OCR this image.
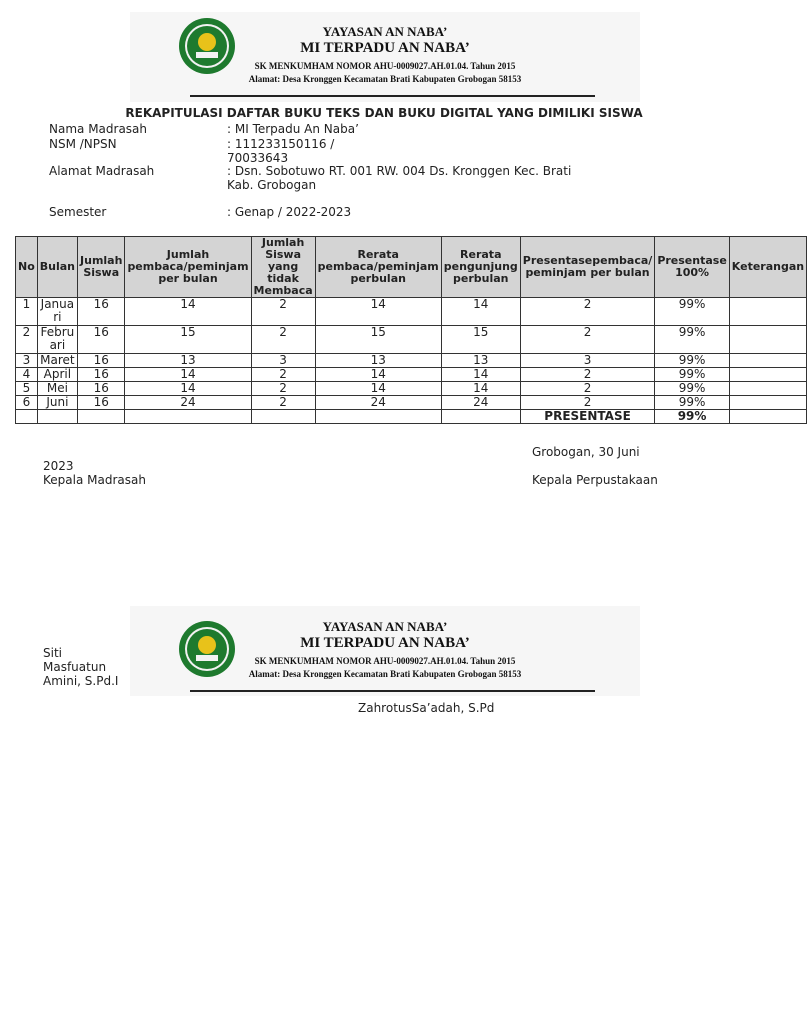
YAYASAN AN NABA’
MI TERPADU AN NABA’
SK MENKUMHAM NOMOR AHU-0009027.AH.01.04. Tahun 2015
Alamat: Desa Kronggen Kecamatan Brati Kabupaten Grobogan 58153
REKAPITULASI DAFTAR BUKU TEKS DAN BUKU DIGITAL YANG DIMILIKI SISWA
Nama Madrasah	: MI Terpadu An Naba’
NSM /NPSN	: 111233150116 /
70033643
Alamat Madrasah	: Dsn. Sobotuwo RT. 001 RW. 004 Ds. Kronggen Kec. Brati
Kab. Grobogan
Semester	: Genap / 2022-2023
No	Bulan	Jumlah Siswa	Jumlah pembaca/peminjam per bulan	Jumlah Siswa yang tidak Membaca	Rerata pembaca/peminjam perbulan	Rerata pengunjung perbulan	Presentasepembaca/ peminjam per bulan	Presentase 100%	Keterangan
1	Januari	16	14	2	14	14	2	99%	
2	Februari	16	15	2	15	15	2	99%	
3	Maret	16	13	3	13	13	3	99%	
4	April	16	14	2	14	14	2	99%	
5	Mei	16	14	2	14	14	2	99%	
6	Juni	16	24	2	24	24	2	99%	
							PRESENTASE	99%	
Grobogan, 30 Juni
2023
Kepala Madrasah	Kepala Perpustakaan
YAYASAN AN NABA’
MI TERPADU AN NABA’
SK MENKUMHAM NOMOR AHU-0009027.AH.01.04. Tahun 2015
Alamat: Desa Kronggen Kecamatan Brati Kabupaten Grobogan 58153
Siti
Masfuatun
Amini, S.Pd.I
ZahrotusSa’adah, S.Pd
